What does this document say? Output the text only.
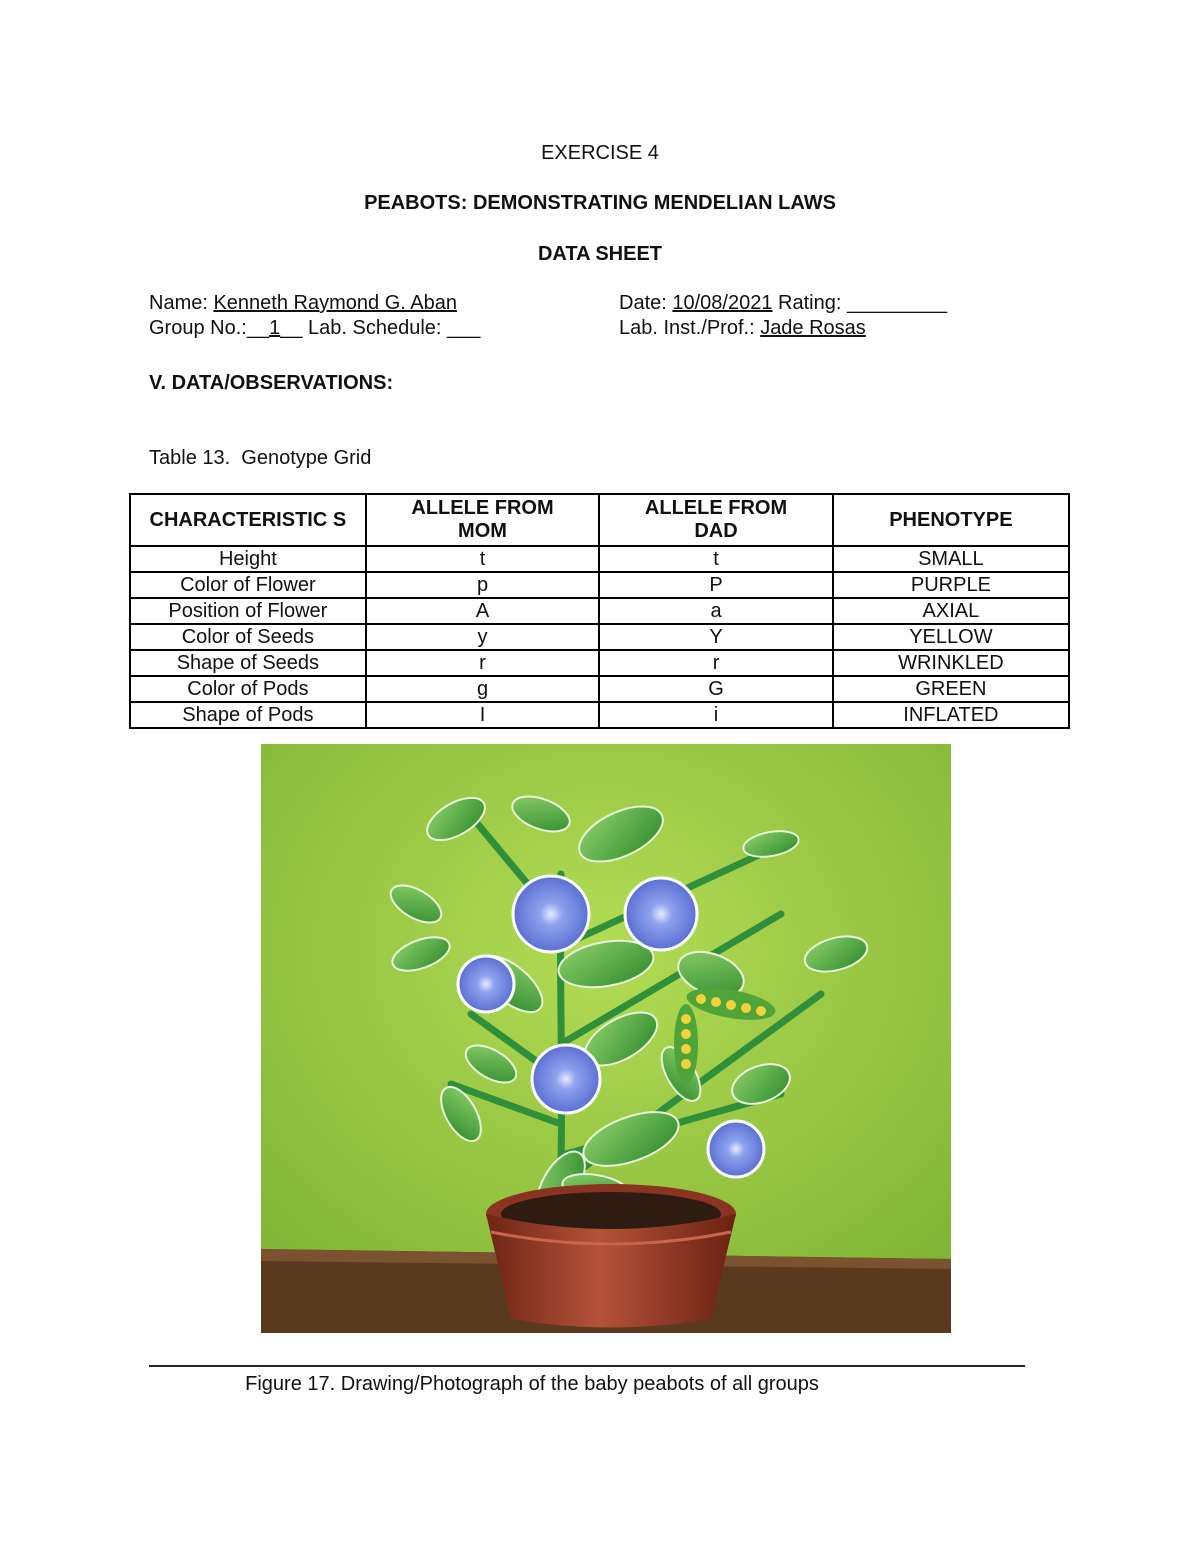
EXERCISE 4
PEABOTS: DEMONSTRATING MENDELIAN LAWS
DATA SHEET
Name: Kenneth Raymond G. Aban	Date: 10/08/2021 Rating: _________
Group No.:__1__ Lab. Schedule: ___	Lab. Inst./Prof.: Jade Rosas
V. DATA/OBSERVATIONS:
Table 13.  Genotype Grid
CHARACTERISTIC S	ALLELE FROM MOM	ALLELE FROM DAD	PHENOTYPE
Height	t	t	SMALL
Color of Flower	p	P	PURPLE
Position of Flower	A	a	AXIAL
Color of Seeds	y	Y	YELLOW
Shape of Seeds	r	r	WRINKLED
Color of Pods	g	G	GREEN
Shape of Pods	I	i	INFLATED
Figure 17. Drawing/Photograph of the baby peabots of all groups
